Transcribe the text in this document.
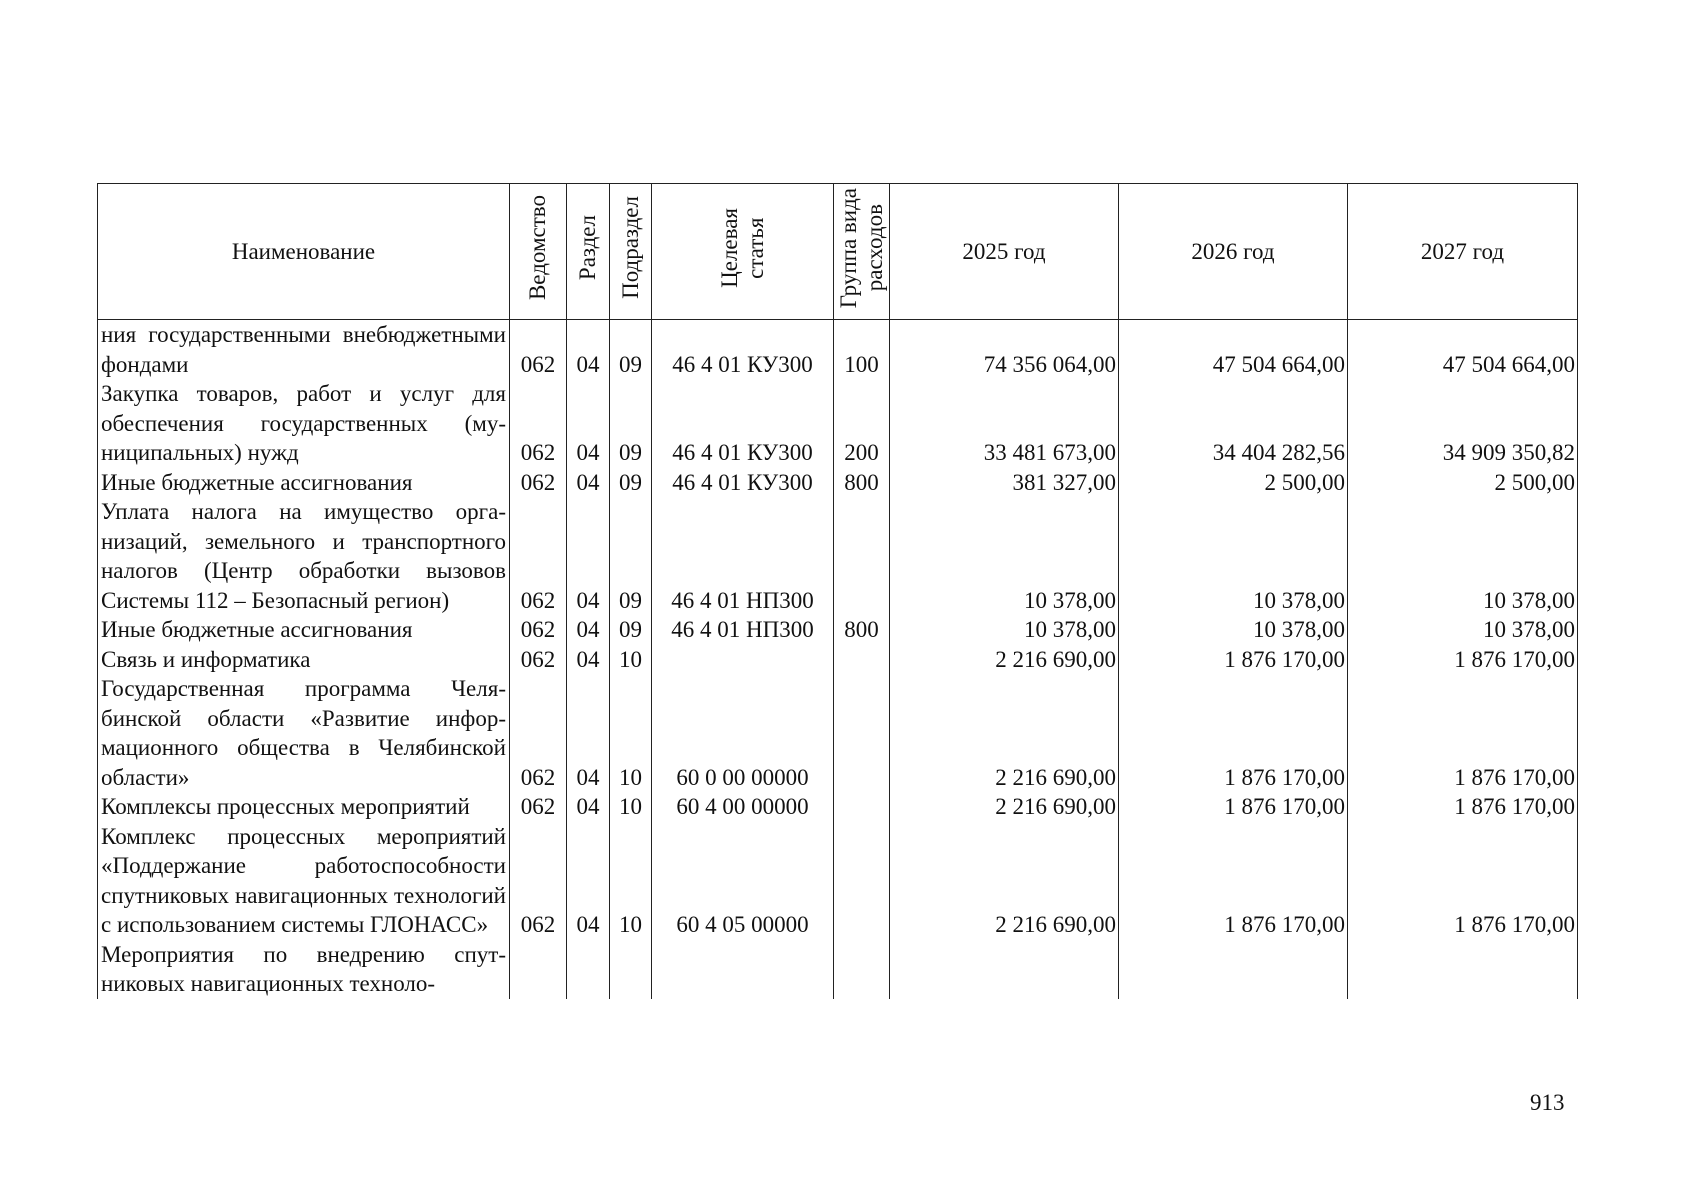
Наименование	Ведомство	Раздел	Подраздел	Целевая статья	Группа вида расходов	2025 год	2026 год	2027 год
ния государственными внебюджетными фондами	062	04	09	46 4 01 КУ300	100	74 356 064,00	47 504 664,00	47 504 664,00
Закупка товаров, работ и услуг для обеспечения государственных (муниципальных) нужд	062	04	09	46 4 01 КУ300	200	33 481 673,00	34 404 282,56	34 909 350,82
Иные бюджетные ассигнования	062	04	09	46 4 01 КУ300	800	381 327,00	2 500,00	2 500,00
Уплата налога на имущество организаций, земельного и транспортного налогов (Центр обработки вызовов Системы 112 – Безопасный регион)	062	04	09	46 4 01 НП300		10 378,00	10 378,00	10 378,00
Иные бюджетные ассигнования	062	04	09	46 4 01 НП300	800	10 378,00	10 378,00	10 378,00
Связь и информатика	062	04	10			2 216 690,00	1 876 170,00	1 876 170,00
Государственная программа Челябинской области «Развитие информационного общества в Челябинской области»	062	04	10	60 0 00 00000		2 216 690,00	1 876 170,00	1 876 170,00
Комплексы процессных мероприятий	062	04	10	60 4 00 00000		2 216 690,00	1 876 170,00	1 876 170,00
Комплекс процессных мероприятий «Поддержание работоспособности спутниковых навигационных технологий с использованием системы ГЛОНАСС»	062	04	10	60 4 05 00000		2 216 690,00	1 876 170,00	1 876 170,00
Мероприятия по внедрению спутниковых навигационных техноло-								
913
